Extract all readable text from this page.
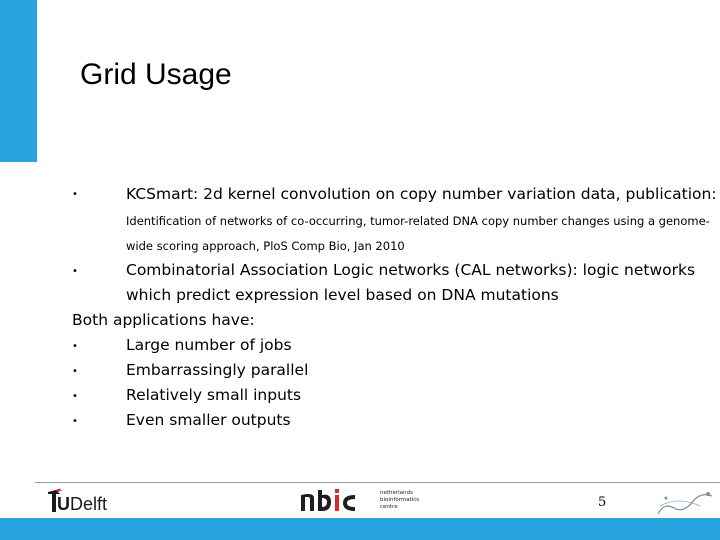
Grid Usage
•	KCSmart: 2d kernel convolution on copy number variation data, publication:
Identification of networks of co-occurring, tumor-related DNA copy number changes using a genome-
wide scoring approach, PloS Comp Bio, Jan 2010
•	Combinatorial Association Logic networks (CAL networks): logic networks
which predict expression level based on DNA mutations
Both applications have:
•	Large number of jobs
•	Embarrassingly parallel
•	Relatively small inputs
•	Even smaller outputs
UDelft
netherlands
bioinformatics
centre	5
